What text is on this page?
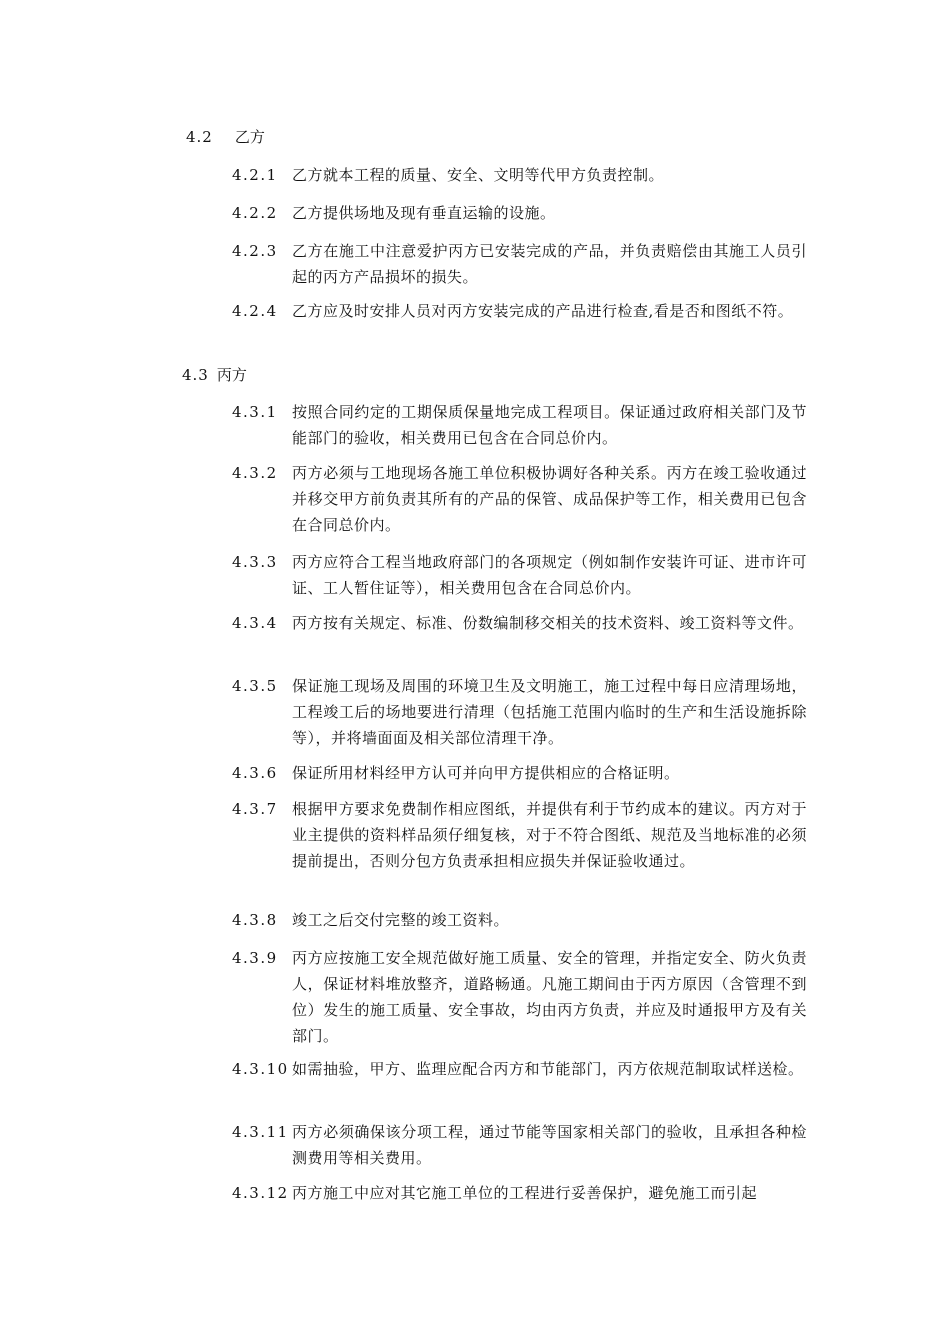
4.2 乙方
4.2.1 乙方就本工程的质量、安全、文明等代甲方负责控制。
4.2.2 乙方提供场地及现有垂直运输的设施。
4.2.3 乙方在施工中注意爱护丙方已安装完成的产品，并负责赔偿由其施工人员引起的丙方产品损坏的损失。
4.2.4 乙方应及时安排人员对丙方安装完成的产品进行检查,看是否和图纸不符。
4.3 丙方
4.3.1 按照合同约定的工期保质保量地完成工程项目。保证通过政府相关部门及节能部门的验收，相关费用已包含在合同总价内。
4.3.2 丙方必须与工地现场各施工单位积极协调好各种关系。丙方在竣工验收通过并移交甲方前负责其所有的产品的保管、成品保护等工作，相关费用已包含在合同总价内。
4.3.3 丙方应符合工程当地政府部门的各项规定（例如制作安装许可证、进市许可证、工人暂住证等），相关费用包含在合同总价内。
4.3.4 丙方按有关规定、标准、份数编制移交相关的技术资料、竣工资料等文件。
4.3.5 保证施工现场及周围的环境卫生及文明施工，施工过程中每日应清理场地，工程竣工后的场地要进行清理（包括施工范围内临时的生产和生活设施拆除等），并将墙面面及相关部位清理干净。
4.3.6 保证所用材料经甲方认可并向甲方提供相应的合格证明。
4.3.7 根据甲方要求免费制作相应图纸，并提供有利于节约成本的建议。丙方对于业主提供的资料样品须仔细复核，对于不符合图纸、规范及当地标准的必须提前提出，否则分包方负责承担相应损失并保证验收通过。
4.3.8 竣工之后交付完整的竣工资料。
4.3.9 丙方应按施工安全规范做好施工质量、安全的管理，并指定安全、防火负责人，保证材料堆放整齐，道路畅通。凡施工期间由于丙方原因（含管理不到位）发生的施工质量、安全事故，均由丙方负责，并应及时通报甲方及有关部门。
4.3.10 如需抽验，甲方、监理应配合丙方和节能部门，丙方依规范制取试样送检。
4.3.11 丙方必须确保该分项工程，通过节能等国家相关部门的验收，且承担各种检测费用等相关费用。
4.3.12 丙方施工中应对其它施工单位的工程进行妥善保护，避免施工而引起
